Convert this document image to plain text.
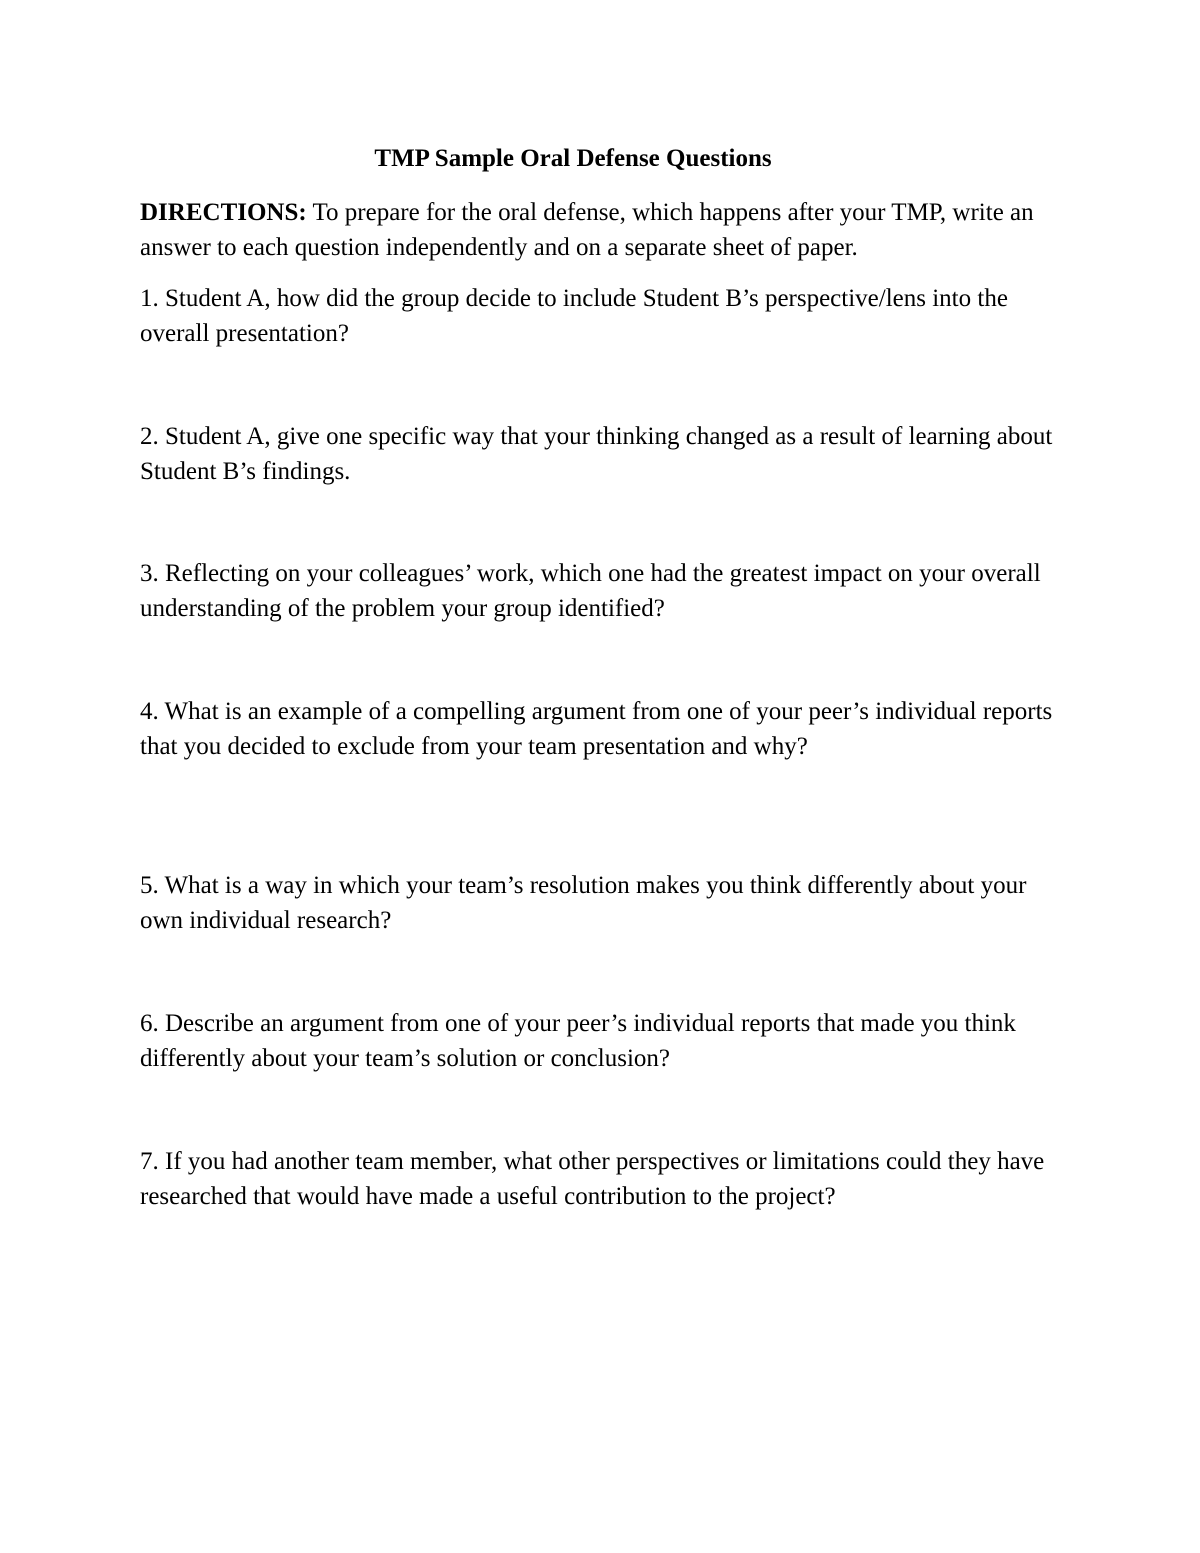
TMP Sample Oral Defense Questions

DIRECTIONS: To prepare for the oral defense, which happens after your TMP, write an answer to each question independently and on a separate sheet of paper.

1. Student A, how did the group decide to include Student B’s perspective/lens into the overall presentation?

2. Student A, give one specific way that your thinking changed as a result of learning about Student B’s findings.

3. Reflecting on your colleagues’ work, which one had the greatest impact on your overall understanding of the problem your group identified?

4. What is an example of a compelling argument from one of your peer’s individual reports that you decided to exclude from your team presentation and why?

5. What is a way in which your team’s resolution makes you think differently about your own individual research?

6. Describe an argument from one of your peer’s individual reports that made you think differently about your team’s solution or conclusion?

7. If you had another team member, what other perspectives or limitations could they have researched that would have made a useful contribution to the project?
